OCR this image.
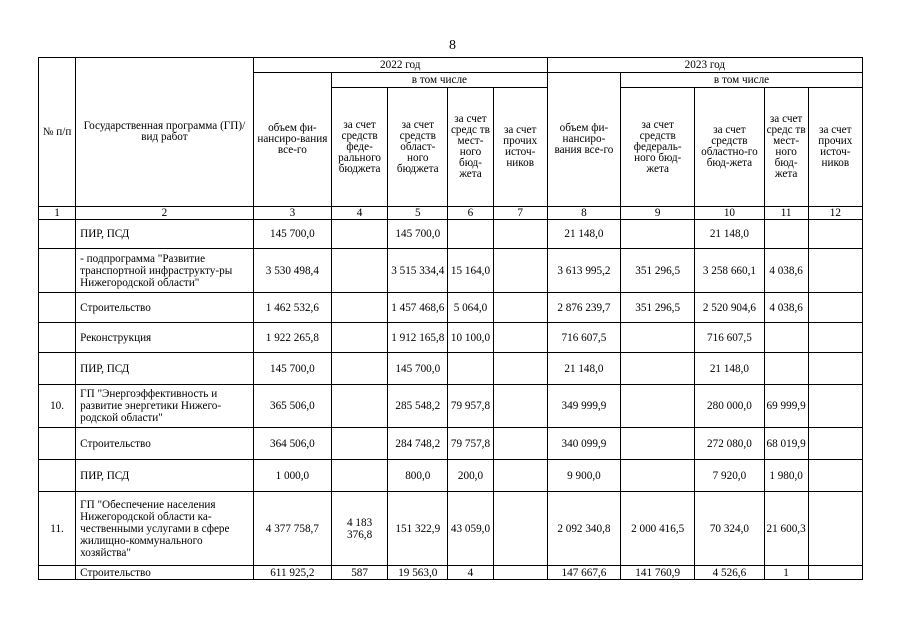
8
№ п/п	Государственная программа (ГП)/ вид работ	2022 год					2023 год				
		объем фи-нансиро-вания все-го	в том числе				объем фи-нансиро-вания все-го	в том числе			
			за счет средств феде-рального бюджета	за счет средств област-ного бюджета	за счет средс тв мест-ного бюд-жета	за счет прочих источ-ников		за счет средств федераль-ного бюд-жета	за счет средств областно-го бюд-жета	за счет средс тв мест-ного бюд-жета	за счет прочих источ-ников
1	2	3	4	5	6	7	8	9	10	11	12
	ПИР, ПСД	145 700,0		145 700,0			21 148,0		21 148,0		
	- подпрограмма "Развитие транспортной инфраструкту-ры Нижегородской области"	3 530 498,4		3 515 334,4	15 164,0		3 613 995,2	351 296,5	3 258 660,1	4 038,6	
	Строительство	1 462 532,6		1 457 468,6	5 064,0		2 876 239,7	351 296,5	2 520 904,6	4 038,6	
	Реконструкция	1 922 265,8		1 912 165,8	10 100,0		716 607,5		716 607,5		
	ПИР, ПСД	145 700,0		145 700,0			21 148,0		21 148,0		
10.	ГП "Энергоэффективность и развитие энергетики Нижего-родской области"	365 506,0		285 548,2	79 957,8		349 999,9		280 000,0	69 999,9	
	Строительство	364 506,0		284 748,2	79 757,8		340 099,9		272 080,0	68 019,9	
	ПИР, ПСД	1 000,0		800,0	200,0		9 900,0		7 920,0	1 980,0	
11.	ГП "Обеспечение населения Нижегородской области ка-чественными услугами в сфере жилищно-коммунального хозяйства"	4 377 758,7	4 183 376,8	151 322,9	43 059,0		2 092 340,8	2 000 416,5	70 324,0	21 600,3	
	Строительство	611 925,2	587	19 563,0	4		147 667,6	141 760,9	4 526,6	1	
